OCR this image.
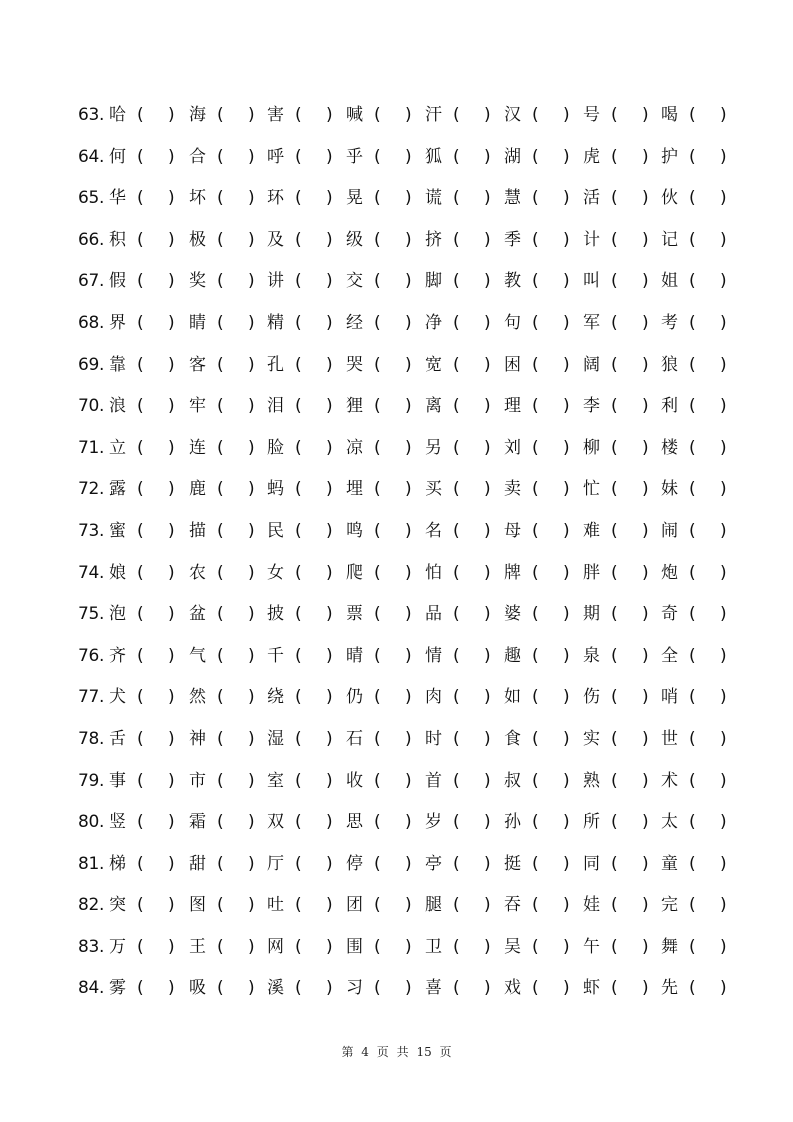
63. 哈 ( ) 海 ( ) 害 ( ) 喊 ( ) 汗 ( ) 汉 ( ) 号 ( ) 喝 ( )
64. 何 ( ) 合 ( ) 呼 ( ) 乎 ( ) 狐 ( ) 湖 ( ) 虎 ( ) 护 ( )
65. 华 ( ) 坏 ( ) 环 ( ) 晃 ( ) 谎 ( ) 慧 ( ) 活 ( ) 伙 ( )
66. 积 ( ) 极 ( ) 及 ( ) 级 ( ) 挤 ( ) 季 ( ) 计 ( ) 记 ( )
67. 假 ( ) 奖 ( ) 讲 ( ) 交 ( ) 脚 ( ) 教 ( ) 叫 ( ) 姐 ( )
68. 界 ( ) 睛 ( ) 精 ( ) 经 ( ) 净 ( ) 句 ( ) 军 ( ) 考 ( )
69. 靠 ( ) 客 ( ) 孔 ( ) 哭 ( ) 宽 ( ) 困 ( ) 阔 ( ) 狼 ( )
70. 浪 ( ) 牢 ( ) 泪 ( ) 狸 ( ) 离 ( ) 理 ( ) 李 ( ) 利 ( )
71. 立 ( ) 连 ( ) 脸 ( ) 凉 ( ) 另 ( ) 刘 ( ) 柳 ( ) 楼 ( )
72. 露 ( ) 鹿 ( ) 蚂 ( ) 埋 ( ) 买 ( ) 卖 ( ) 忙 ( ) 妹 ( )
73. 蜜 ( ) 描 ( ) 民 ( ) 鸣 ( ) 名 ( ) 母 ( ) 难 ( ) 闹 ( )
74. 娘 ( ) 农 ( ) 女 ( ) 爬 ( ) 怕 ( ) 牌 ( ) 胖 ( ) 炮 ( )
75. 泡 ( ) 盆 ( ) 披 ( ) 票 ( ) 品 ( ) 婆 ( ) 期 ( ) 奇 ( )
76. 齐 ( ) 气 ( ) 千 ( ) 晴 ( ) 情 ( ) 趣 ( ) 泉 ( ) 全 ( )
77. 犬 ( ) 然 ( ) 绕 ( ) 仍 ( ) 肉 ( ) 如 ( ) 伤 ( ) 哨 ( )
78. 舌 ( ) 神 ( ) 湿 ( ) 石 ( ) 时 ( ) 食 ( ) 实 ( ) 世 ( )
79. 事 ( ) 市 ( ) 室 ( ) 收 ( ) 首 ( ) 叔 ( ) 熟 ( ) 术 ( )
80. 竖 ( ) 霜 ( ) 双 ( ) 思 ( ) 岁 ( ) 孙 ( ) 所 ( ) 太 ( )
81. 梯 ( ) 甜 ( ) 厅 ( ) 停 ( ) 亭 ( ) 挺 ( ) 同 ( ) 童 ( )
82. 突 ( ) 图 ( ) 吐 ( ) 团 ( ) 腿 ( ) 吞 ( ) 娃 ( ) 完 ( )
83. 万 ( ) 王 ( ) 网 ( ) 围 ( ) 卫 ( ) 吴 ( ) 午 ( ) 舞 ( )
84. 雾 ( ) 吸 ( ) 溪 ( ) 习 ( ) 喜 ( ) 戏 ( ) 虾 ( ) 先 ( )
第 4 页 共 15 页
